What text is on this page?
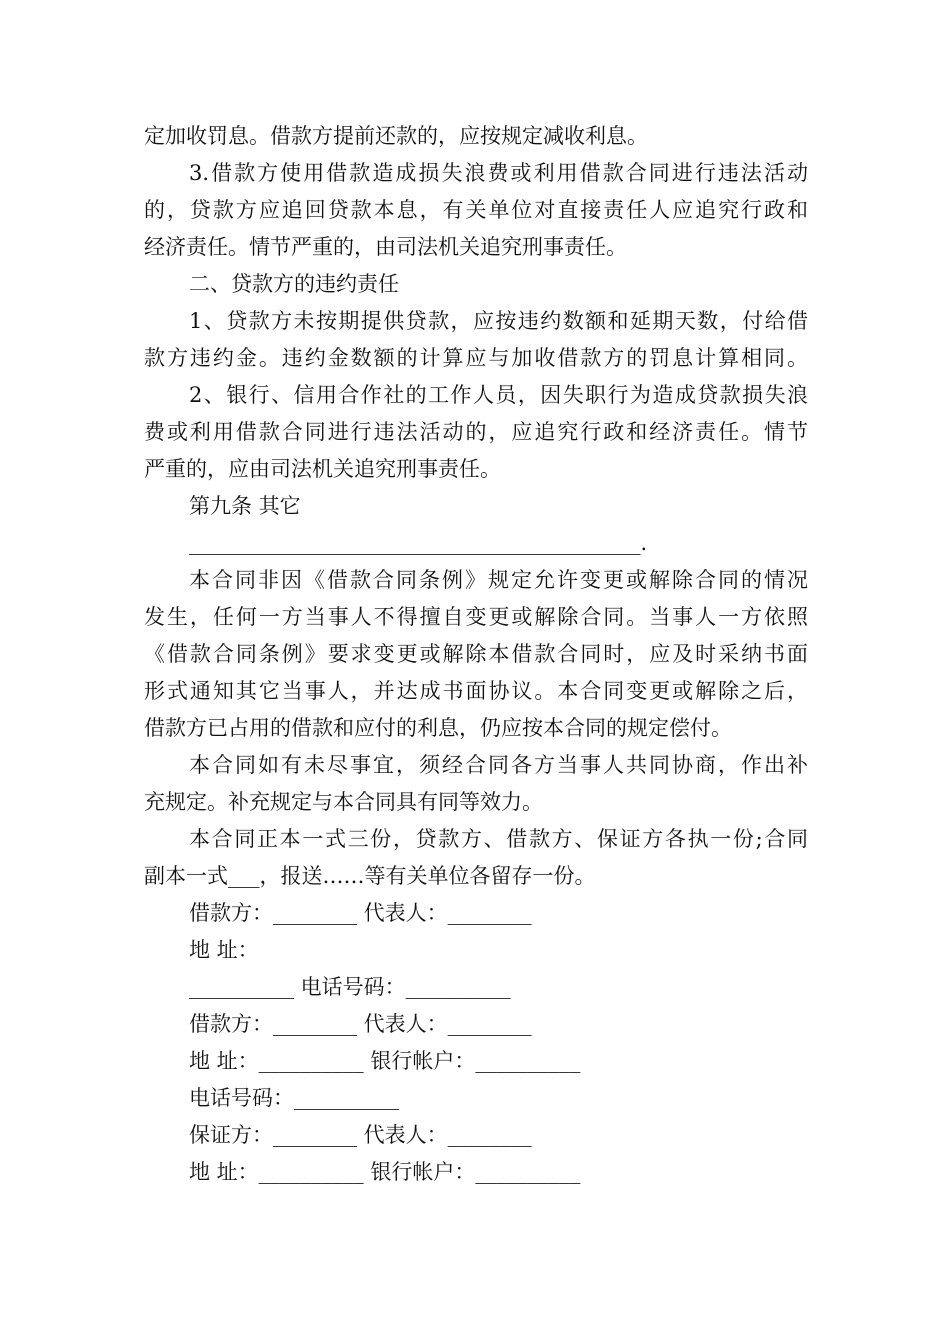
定加收罚息。借款方提前还款的，应按规定减收利息。
3.借款方使用借款造成损失浪费或利用借款合同进行违法活动
的，贷款方应追回贷款本息，有关单位对直接责任人应追究行政和
经济责任。情节严重的，由司法机关追究刑事责任。
二、贷款方的违约责任
1、贷款方未按期提供贷款，应按违约数额和延期天数，付给借
款方违约金。违约金数额的计算应与加收借款方的罚息计算相同。
2、银行、信用合作社的工作人员，因失职行为造成贷款损失浪
费或利用借款合同进行违法活动的，应追究行政和经济责任。情节
严重的，应由司法机关追究刑事责任。
第九条 其它
___________________________________________.
本合同非因《借款合同条例》规定允许变更或解除合同的情况
发生，任何一方当事人不得擅自变更或解除合同。当事人一方依照
《借款合同条例》要求变更或解除本借款合同时，应及时采纳书面
形式通知其它当事人，并达成书面协议。本合同变更或解除之后，
借款方已占用的借款和应付的利息，仍应按本合同的规定偿付。
本合同如有未尽事宜，须经合同各方当事人共同协商，作出补
充规定。补充规定与本合同具有同等效力。
本合同正本一式三份，贷款方、借款方、保证方各执一份;合同
副本一式___，报送……等有关单位各留存一份。
借款方：________ 代表人：________
地 址：
__________ 电话号码：__________
借款方：________ 代表人：________
地 址：__________ 银行帐户：__________
电话号码：__________
保证方：________ 代表人：________
地 址：__________ 银行帐户：__________
